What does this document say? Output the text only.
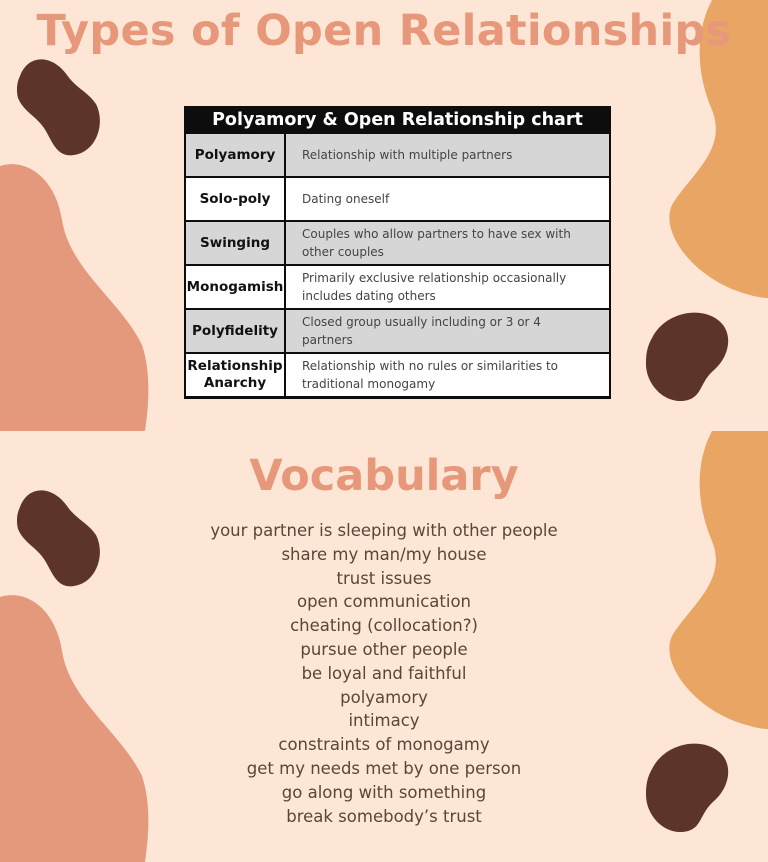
Types of Open Relationships
Polyamory & Open Relationship chart
Polyamory	Relationship with multiple partners
Solo-poly	Dating oneself
Swinging
Couples who allow partners to have sex with other couples
Monogamish
Primarily exclusive relationship occasionally includes dating others
Polyfidelity
Closed group usually including or 3 or 4 partners
Relationship Anarchy
Relationship with no rules or similarities to traditional monogamy
Vocabulary
your partner is sleeping with other people
share my man/my house
trust issues
open communication
cheating (collocation?)
pursue other people
be loyal and faithful
polyamory
intimacy
constraints of monogamy
get my needs met by one person
go along with something
break somebody’s trust
